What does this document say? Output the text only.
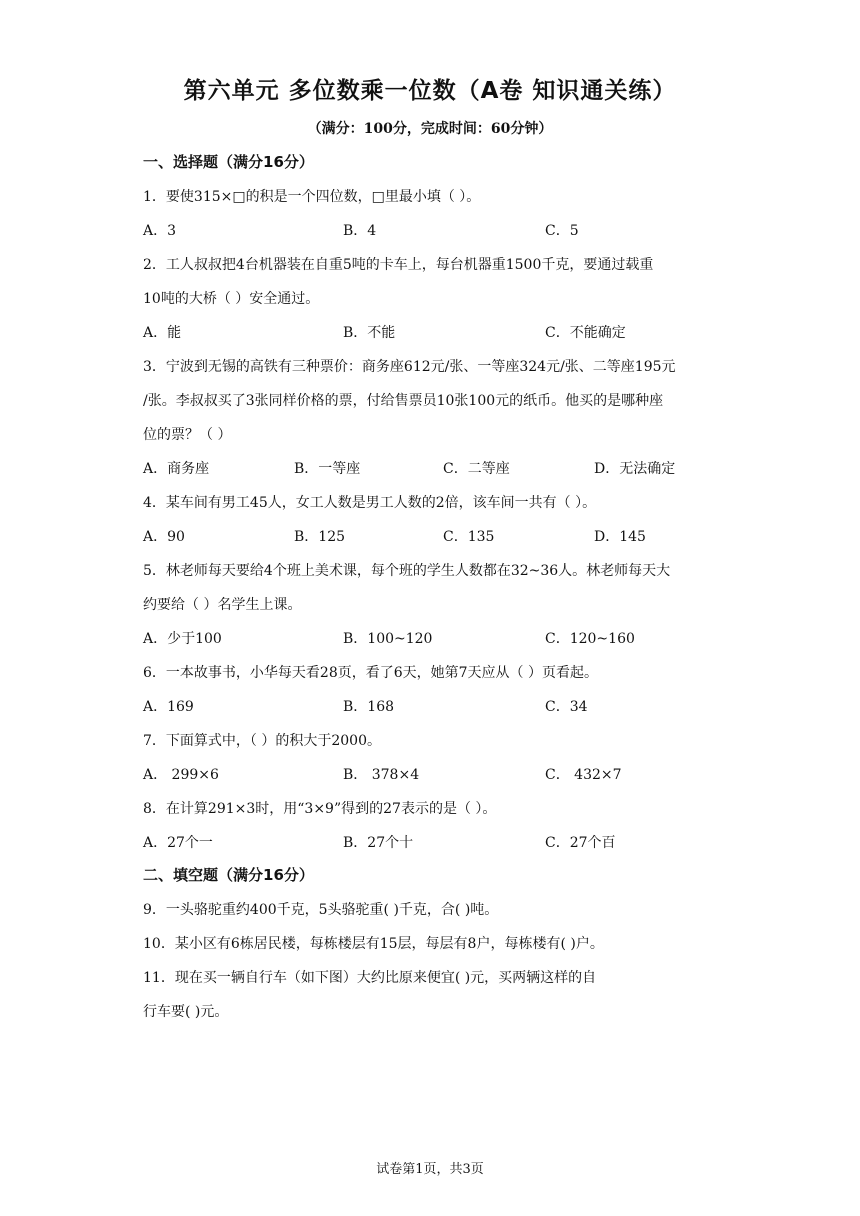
第六单元 多位数乘一位数（A卷 知识通关练）
（满分：100分，完成时间：60分钟）
一、选择题（满分16分）
1．要使315×□的积是一个四位数，□里最小填（ ）。
A．3	B．4	C．5
2．工人叔叔把4台机器装在自重5吨的卡车上，每台机器重1500千克，要通过载重
10吨的大桥（ ）安全通过。
A．能	B．不能	C．不能确定
3．宁波到无锡的高铁有三种票价：商务座612元/张、一等座324元/张、二等座195元
/张。李叔叔买了3张同样价格的票，付给售票员10张100元的纸币。他买的是哪种座
位的票？（ ）
A．商务座	B．一等座	C．二等座	D．无法确定
4．某车间有男工45人，女工人数是男工人数的2倍，该车间一共有（ ）。
A．90	B．125	C．135	D．145
5．林老师每天要给4个班上美术课，每个班的学生人数都在32~36人。林老师每天大
约要给（ ）名学生上课。
A．少于100	B．100~120	C．120~160
6．一本故事书，小华每天看28页，看了6天，她第7天应从（ ）页看起。
A．169	B．168	C．34
7．下面算式中，（ ）的积大于2000。
A． 299×6	B． 378×4	C． 432×7
8．在计算291×3时，用“3×9”得到的27表示的是（ ）。
A．27个一	B．27个十	C．27个百
二、填空题（满分16分）
9．一头骆驼重约400千克，5头骆驼重( )千克，合( )吨。
10．某小区有6栋居民楼，每栋楼层有15层，每层有8户，每栋楼有( )户。
11．现在买一辆自行车（如下图）大约比原来便宜( )元，买两辆这样的自
行车要( )元。
试卷第1页，共3页
